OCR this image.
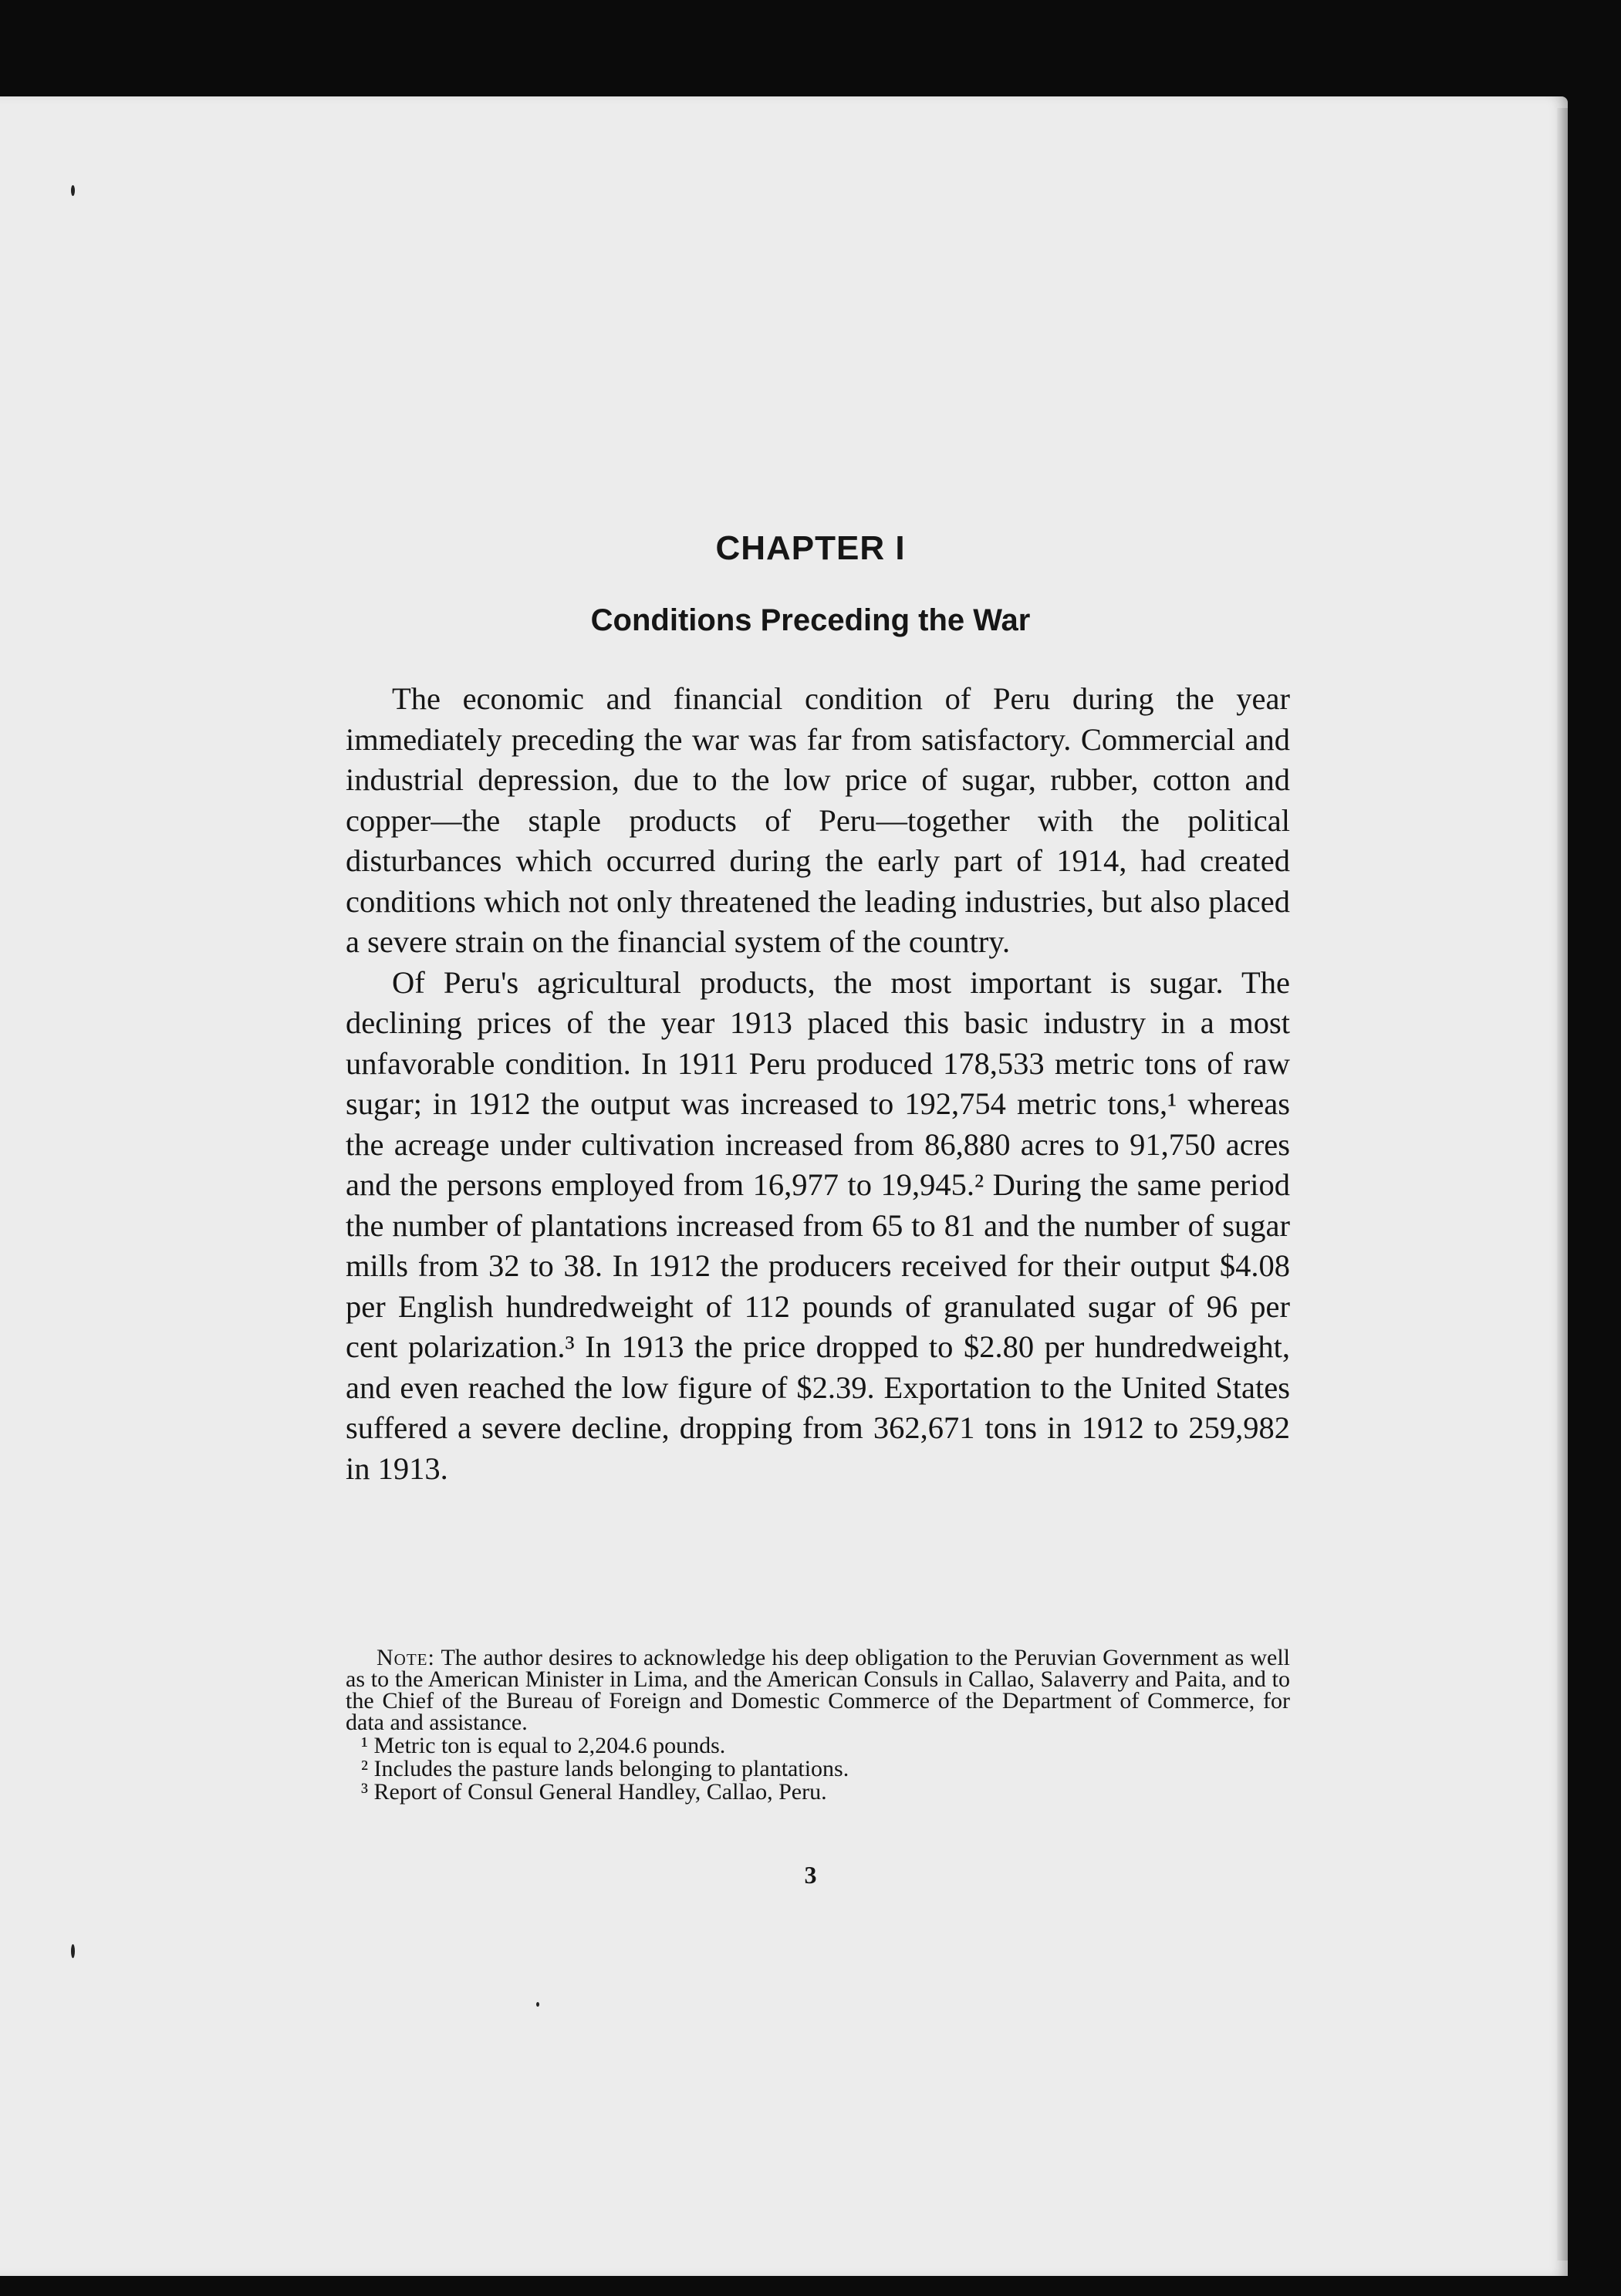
CHAPTER I
Conditions Preceding the War

The economic and financial condition of Peru during the year immediately preceding the war was far from satisfactory. Commercial and industrial depression, due to the low price of sugar, rubber, cotton and copper—the staple products of Peru—together with the political disturbances which occurred during the early part of 1914, had created conditions which not only threatened the leading industries, but also placed a severe strain on the financial system of the country.

Of Peru's agricultural products, the most important is sugar. The declining prices of the year 1913 placed this basic industry in a most unfavorable condition. In 1911 Peru produced 178,533 metric tons of raw sugar; in 1912 the output was increased to 192,754 metric tons,¹ whereas the acreage under cultivation increased from 86,880 acres to 91,750 acres and the persons employed from 16,977 to 19,945.² During the same period the number of plantations increased from 65 to 81 and the number of sugar mills from 32 to 38. In 1912 the producers received for their output $4.08 per English hundredweight of 112 pounds of granulated sugar of 96 per cent polarization.³ In 1913 the price dropped to $2.80 per hundredweight, and even reached the low figure of $2.39. Exportation to the United States suffered a severe decline, dropping from 362,671 tons in 1912 to 259,982 in 1913.

Note: The author desires to acknowledge his deep obligation to the Peruvian Government as well as to the American Minister in Lima, and the American Consuls in Callao, Salaverry and Paita, and to the Chief of the Bureau of Foreign and Domestic Commerce of the Department of Commerce, for data and assistance.

¹ Metric ton is equal to 2,204.6 pounds.

² Includes the pasture lands belonging to plantations.

³ Report of Consul General Handley, Callao, Peru.

3
